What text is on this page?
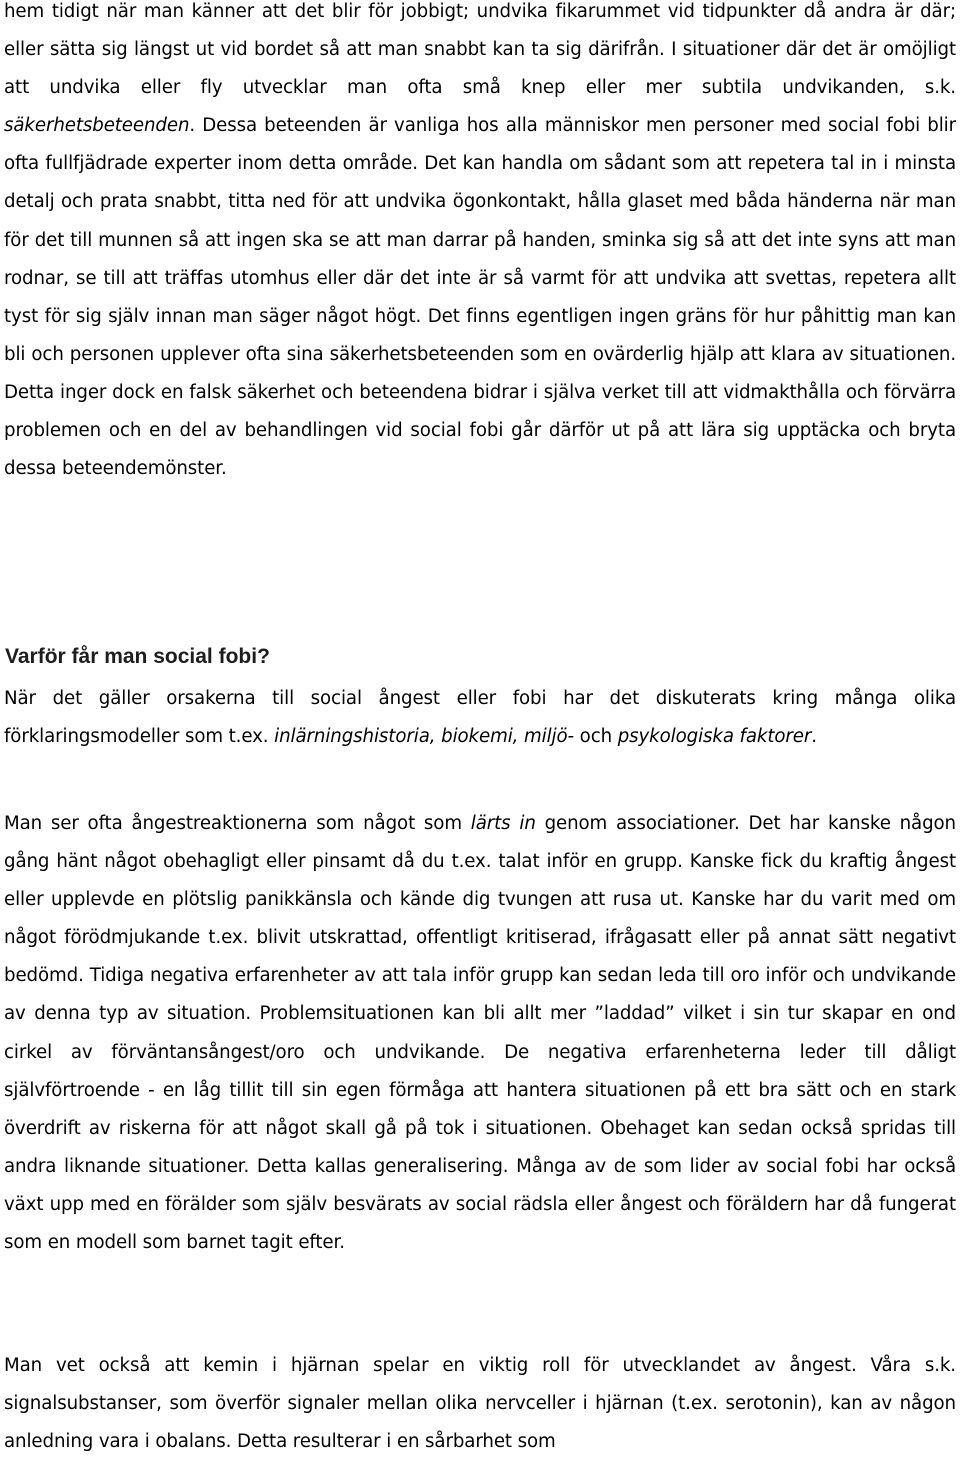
hem tidigt när man känner att det blir för jobbigt; undvika fikarummet vid tidpunkter då andra är där; eller sätta sig längst ut vid bordet så att man snabbt kan ta sig därifrån. I situationer där det är omöjligt att undvika eller fly utvecklar man ofta små knep eller mer subtila undvikanden, s.k. säkerhetsbeteenden. Dessa beteenden är vanliga hos alla människor men personer med social fobi blir ofta fullfjädrade experter inom detta område. Det kan handla om sådant som att repetera tal in i minsta detalj och prata snabbt, titta ned för att undvika ögonkontakt, hålla glaset med båda händerna när man för det till munnen så att ingen ska se att man darrar på handen, sminka sig så att det inte syns att man rodnar, se till att träffas utomhus eller där det inte är så varmt för att undvika att svettas, repetera allt tyst för sig själv innan man säger något högt. Det finns egentligen ingen gräns för hur påhittig man kan bli och personen upplever ofta sina säkerhetsbeteenden som en ovärderlig hjälp att klara av situationen. Detta inger dock en falsk säkerhet och beteendena bidrar i själva verket till att vidmakthålla och förvärra problemen och en del av behandlingen vid social fobi går därför ut på att lära sig upptäcka och bryta dessa beteendemönster.

Varför får man social fobi?

När det gäller orsakerna till social ångest eller fobi har det diskuterats kring många olika förklaringsmodeller som t.ex. inlärningshistoria, biokemi, miljö- och psykologiska faktorer.

Man ser ofta ångestreaktionerna som något som lärts in genom associationer. Det har kanske någon gång hänt något obehagligt eller pinsamt då du t.ex. talat inför en grupp. Kanske fick du kraftig ångest eller upplevde en plötslig panikkänsla och kände dig tvungen att rusa ut. Kanske har du varit med om något förödmjukande t.ex. blivit utskrattad, offentligt kritiserad, ifrågasatt eller på annat sätt negativt bedömd. Tidiga negativa erfarenheter av att tala inför grupp kan sedan leda till oro inför och undvikande av denna typ av situation. Problemsituationen kan bli allt mer ”laddad” vilket i sin tur skapar en ond cirkel av förväntansångest/oro och undvikande. De negativa erfarenheterna leder till dåligt självförtroende - en låg tillit till sin egen förmåga att hantera situationen på ett bra sätt och en stark överdrift av riskerna för att något skall gå på tok i situationen. Obehaget kan sedan också spridas till andra liknande situationer. Detta kallas generalisering. Många av de som lider av social fobi har också växt upp med en förälder som själv besvärats av social rädsla eller ångest och föräldern har då fungerat som en modell som barnet tagit efter.

Man vet också att kemin i hjärnan spelar en viktig roll för utvecklandet av ångest. Våra s.k. signalsubstanser, som överför signaler mellan olika nervceller i hjärnan (t.ex. serotonin), kan av någon anledning vara i obalans. Detta resulterar i en sårbarhet som
